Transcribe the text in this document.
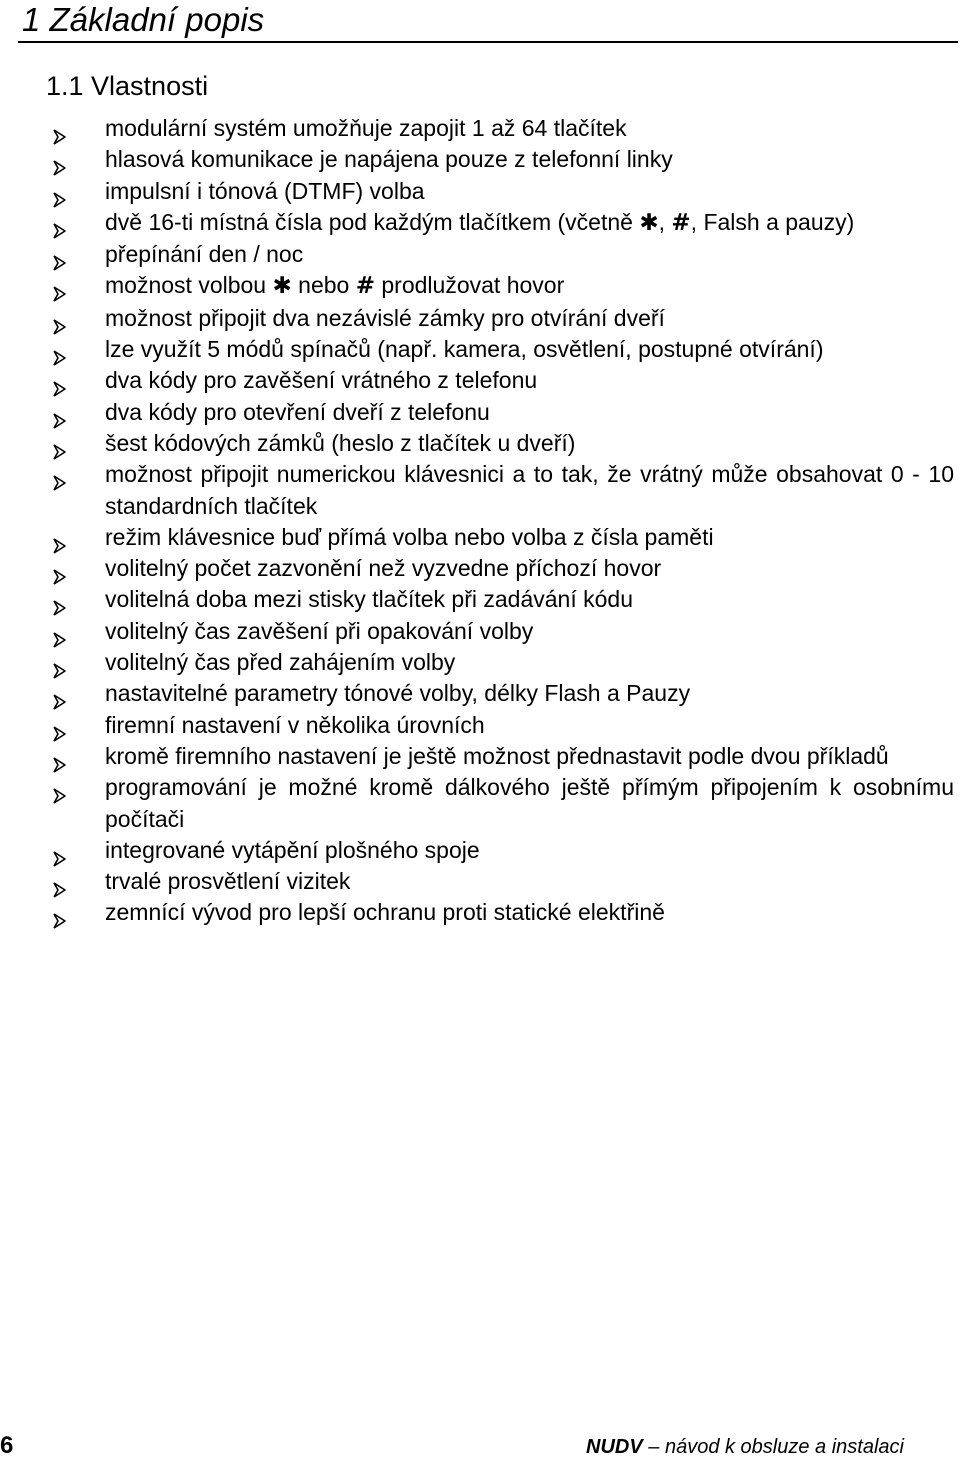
1 Základní popis
1.1 Vlastnosti
modulární systém umožňuje zapojit 1 až 64 tlačítek
hlasová komunikace je napájena pouze z telefonní linky
impulsní i tónová (DTMF) volba
dvě 16-ti místná čísla pod každým tlačítkem (včetně ✱, #, Falsh a pauzy)
přepínání den / noc
možnost volbou ✱ nebo # prodlužovat hovor
možnost připojit dva nezávislé zámky pro otvírání dveří
lze využít 5 módů spínačů (např. kamera, osvětlení, postupné otvírání)
dva kódy pro zavěšení vrátného z telefonu
dva kódy pro otevření dveří z telefonu
šest kódových zámků (heslo z tlačítek u dveří)
možnost připojit numerickou klávesnici a to tak, že vrátný může obsahovat 0 - 10 standardních tlačítek
režim klávesnice buď přímá volba nebo volba z čísla paměti
volitelný počet zazvonění než vyzvedne příchozí hovor
volitelná doba mezi stisky tlačítek při zadávání kódu
volitelný čas zavěšení při opakování volby
volitelný čas před zahájením volby
nastavitelné parametry tónové volby, délky Flash a Pauzy
firemní nastavení v několika úrovních
kromě firemního nastavení je ještě možnost přednastavit podle dvou příkladů
programování je možné kromě dálkového ještě přímým připojením k osobnímu počítači
integrované vytápění plošného spoje
trvalé prosvětlení vizitek
zemnící vývod pro lepší ochranu proti statické elektřině
6	NUDV – návod k obsluze a instalaci
